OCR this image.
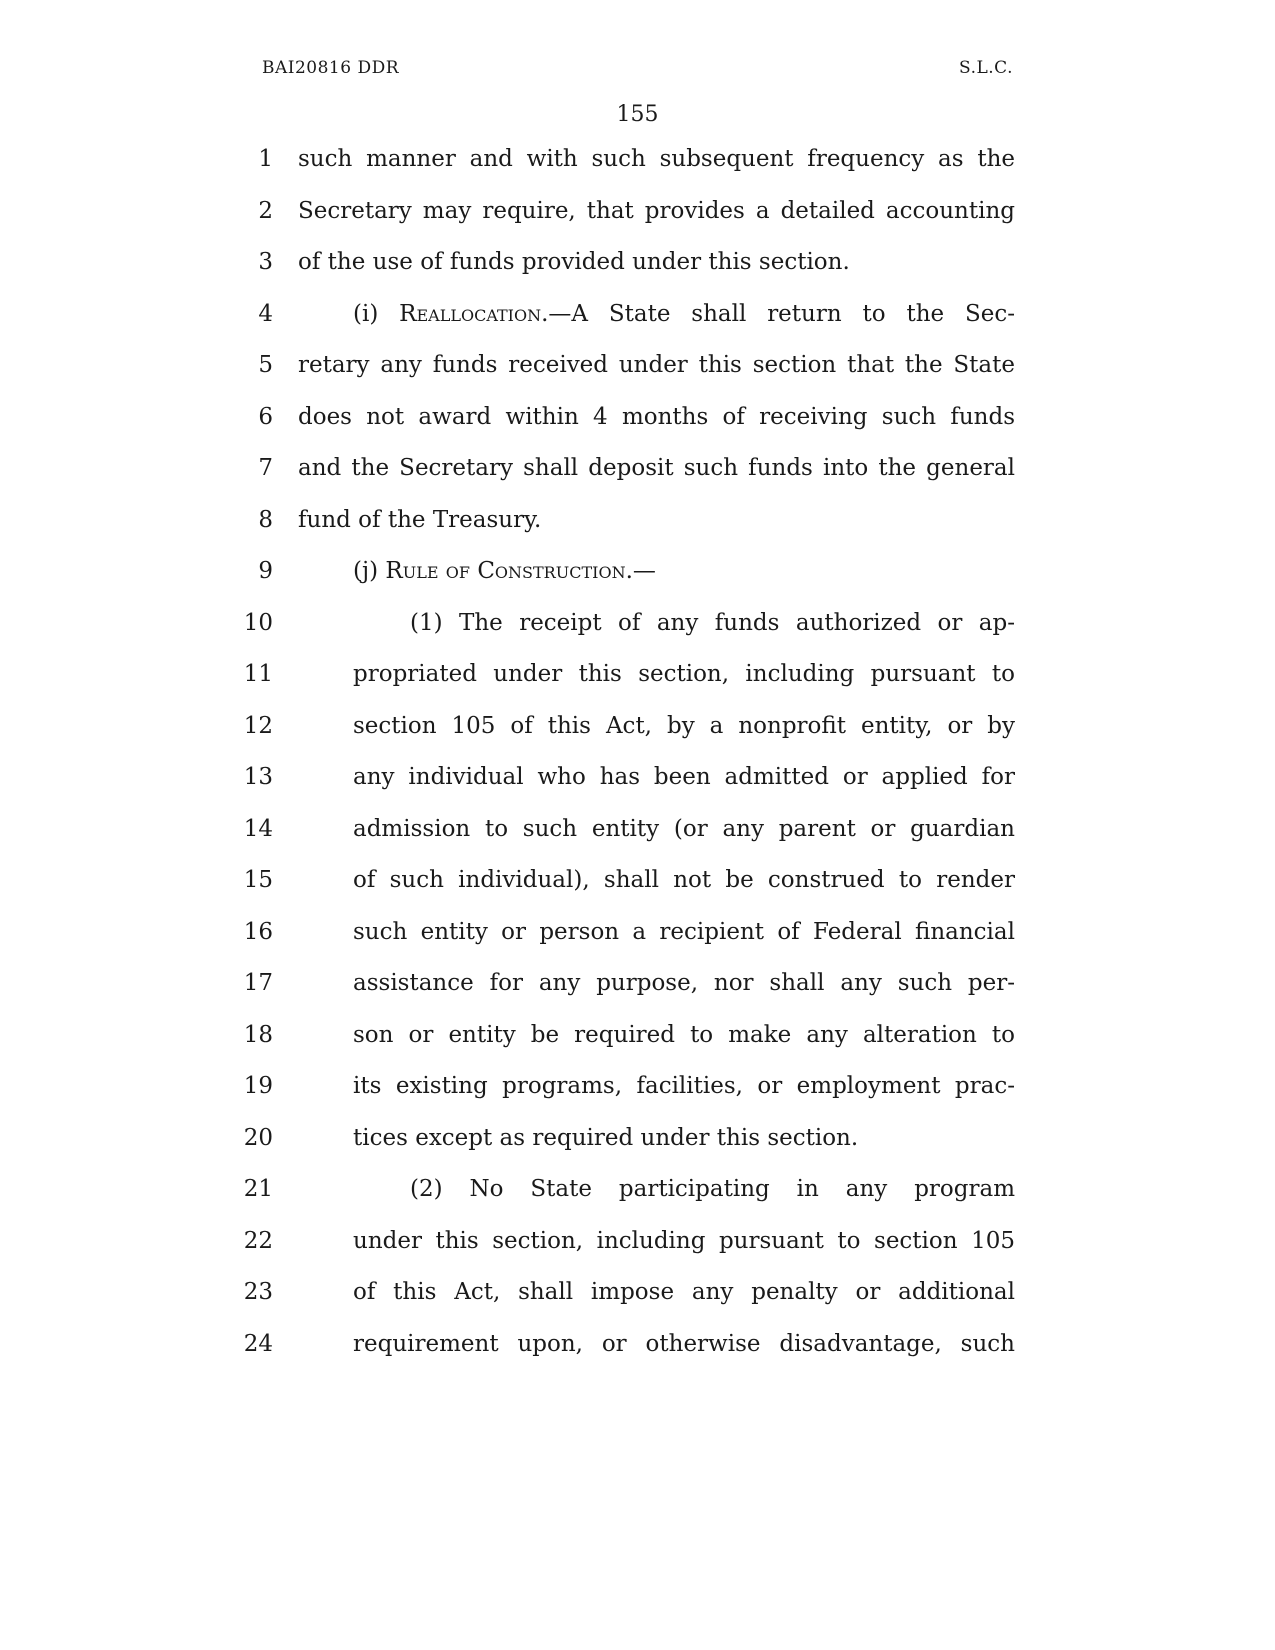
BAI20816 DDR	S.L.C.
155
1 such manner and with such subsequent frequency as the
2 Secretary may require, that provides a detailed accounting
3 of the use of funds provided under this section.
4	(i) Reallocation.—A State shall return to the Sec-
5 retary any funds received under this section that the State
6 does not award within 4 months of receiving such funds
7 and the Secretary shall deposit such funds into the general
8 fund of the Treasury.
9	(j) Rule of Construction.—
10	(1) The receipt of any funds authorized or ap-
11	propriated under this section, including pursuant to
12	section 105 of this Act, by a nonprofit entity, or by
13	any individual who has been admitted or applied for
14	admission to such entity (or any parent or guardian
15	of such individual), shall not be construed to render
16	such entity or person a recipient of Federal financial
17	assistance for any purpose, nor shall any such per-
18	son or entity be required to make any alteration to
19	its existing programs, facilities, or employment prac-
20	tices except as required under this section.
21	(2) No State participating in any program
22	under this section, including pursuant to section 105
23	of this Act, shall impose any penalty or additional
24	requirement upon, or otherwise disadvantage, such
